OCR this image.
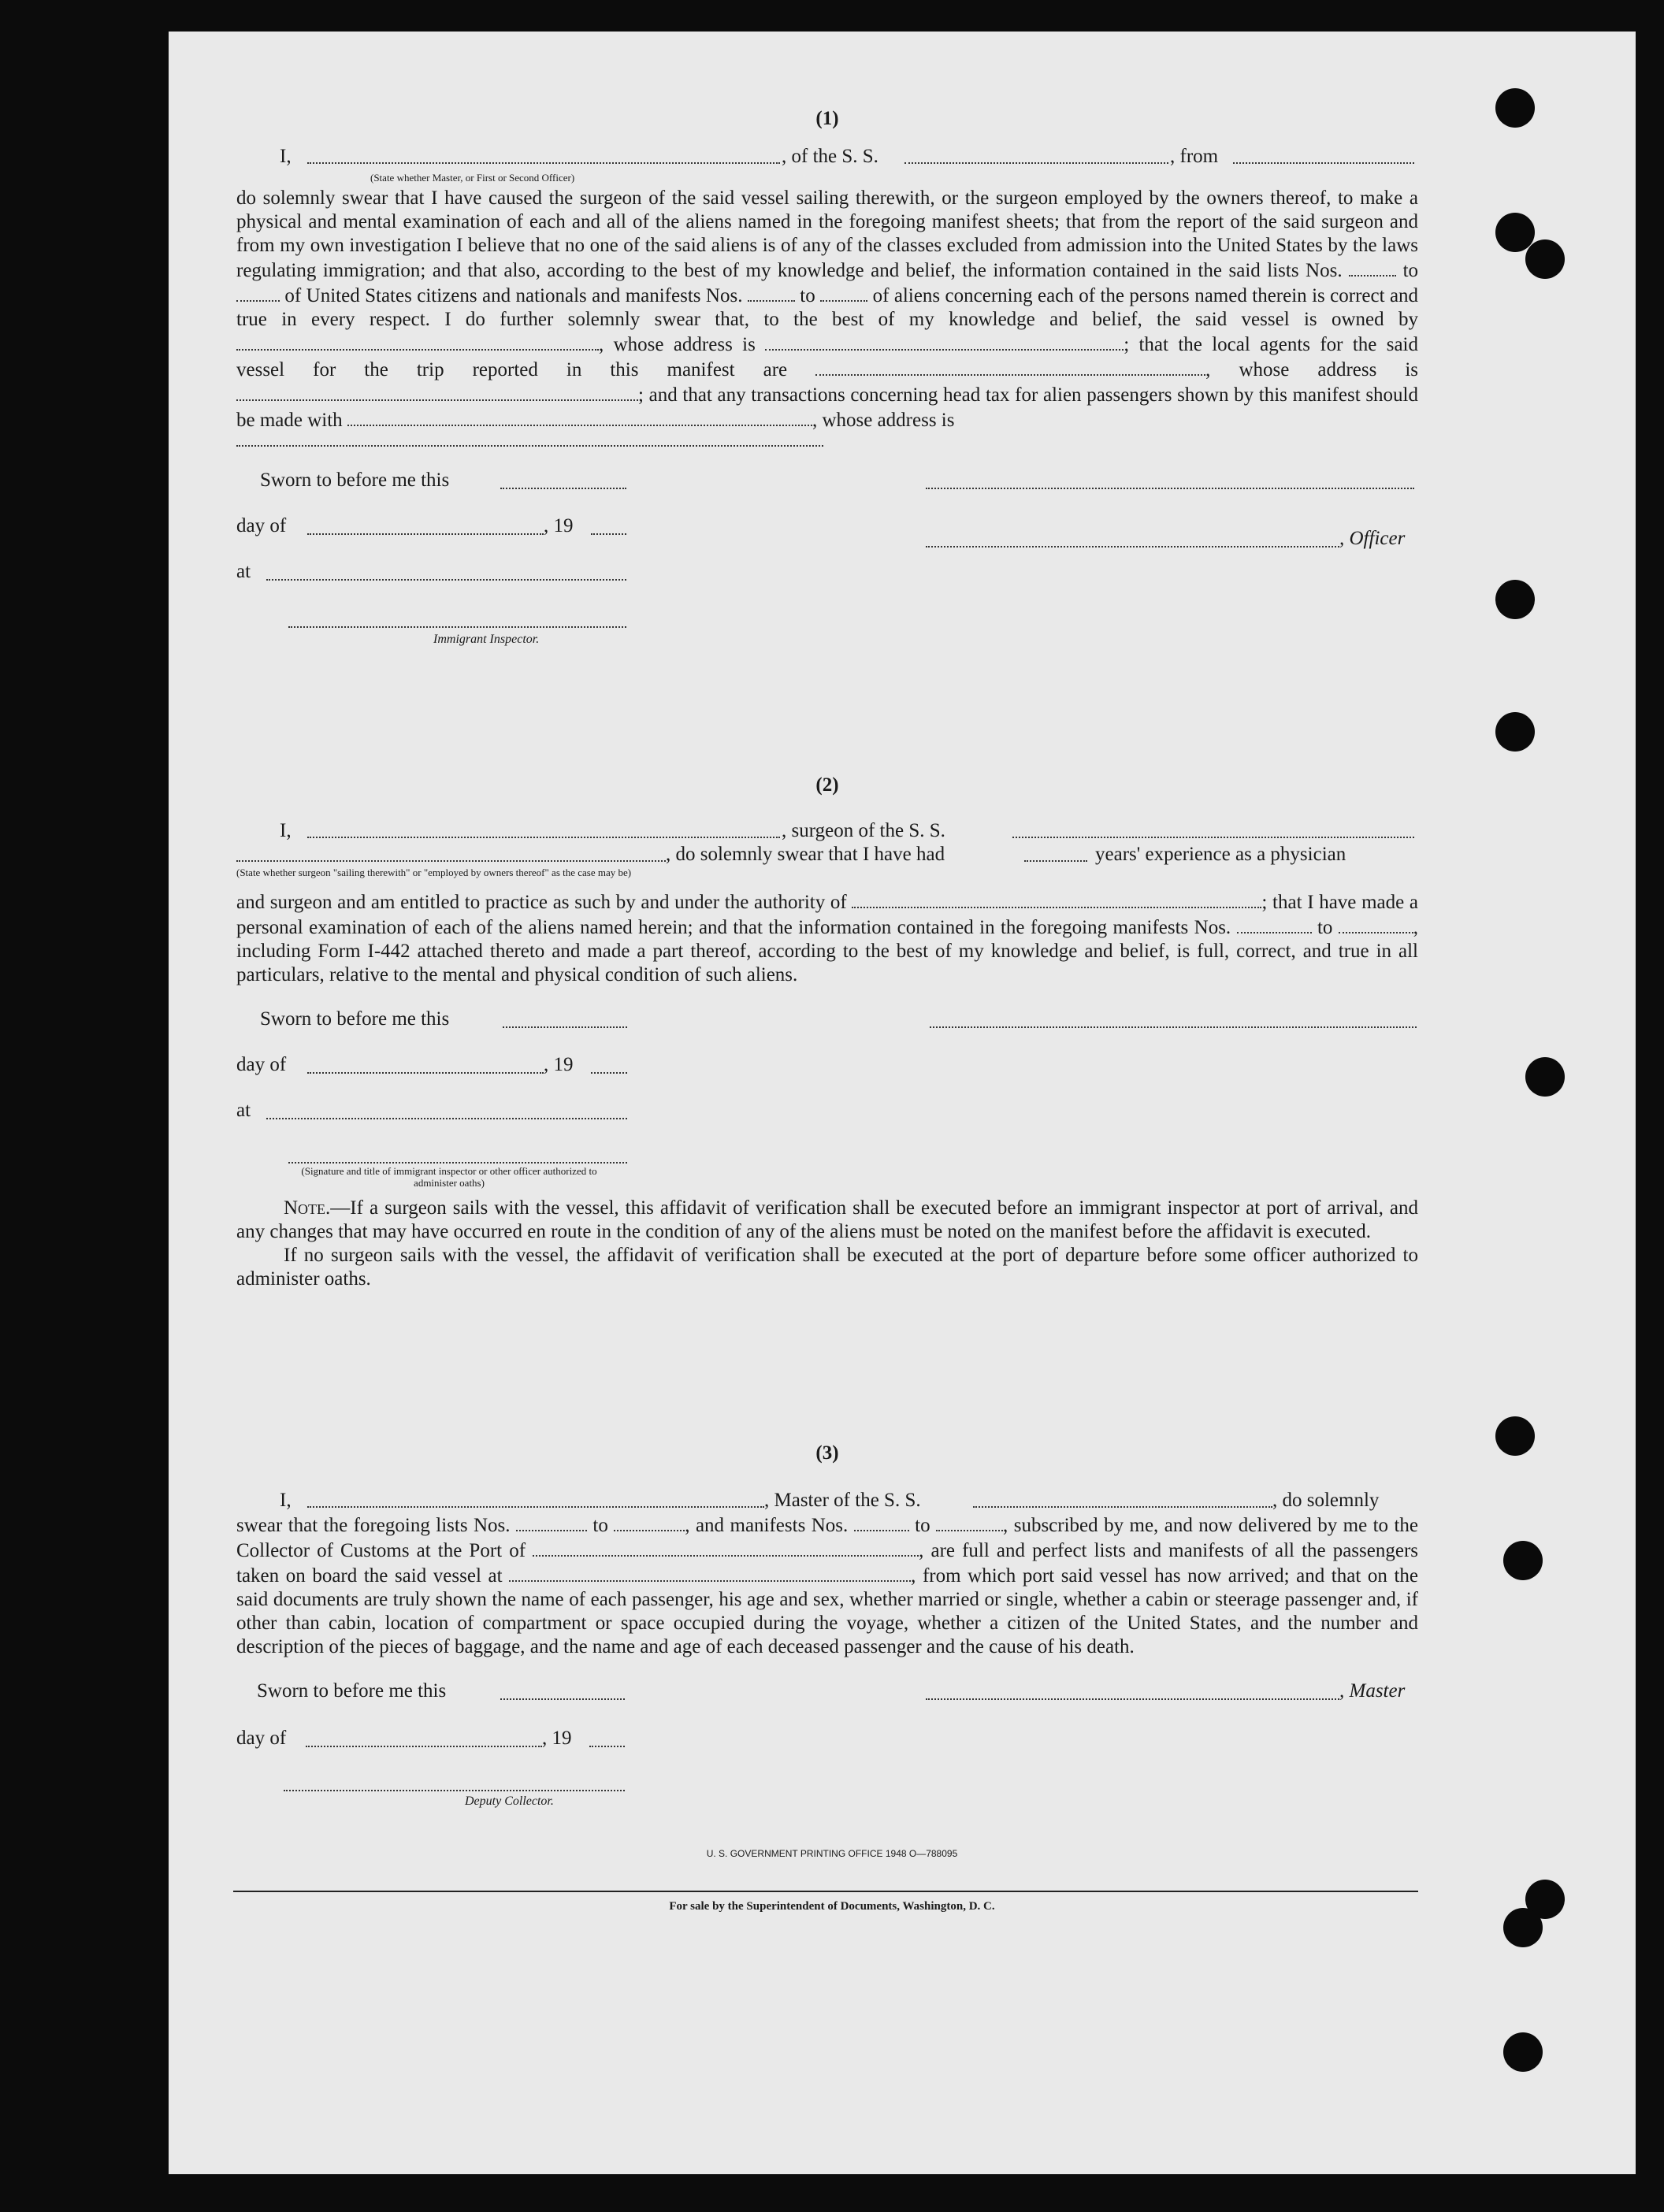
(1)
I,	, of the S. S.	, from
(State whether Master, or First or Second Officer)

do solemnly swear that I have caused the surgeon of the said vessel sailing therewith, or the surgeon employed by the owners thereof, to make a physical and mental examination of each and all of the aliens named in the foregoing manifest sheets; that from the report of the said surgeon and from my own investigation I believe that no one of the said aliens is of any of the classes excluded from admission into the United States by the laws regulating immigration; and that also, according to the best of my knowledge and belief, the information contained in the said lists Nos.	to  of United States citizens and nationals and manifests Nos.	to	of aliens concerning each of the persons named therein is correct and true in every respect. I do further solemnly swear that, to the best of my knowledge and belief, the said vessel is owned by , whose address is	; that the local agents for the said vessel for the trip reported in this manifest are	, whose address is ; and that any transactions concerning head tax for alien passengers shown by this manifest should be made with	, whose address is

Sworn to before me this
day of	, 19
, Officer
at
Immigrant Inspector.
(2)
I,	, surgeon of the S. S.
, do solemnly swear that I have had	years' experience as a physician
(State whether surgeon "sailing therewith" or "employed by owners thereof" as the case may be)

and surgeon and am entitled to practice as such by and under the authority of	; that I have made a personal examination of each of the aliens named herein; and that the information contained in the foregoing manifests Nos.	to	, including Form I-442 attached thereto and made a part thereof, according to the best of my knowledge and belief, is full, correct, and true in all particulars, relative to the mental and physical condition of such aliens.

Sworn to before me this
day of	, 19
at
(Signature and title of immigrant inspector or other officer authorized to administer oaths)

Note.—If a surgeon sails with the vessel, this affidavit of verification shall be executed before an immigrant inspector at port of arrival, and any changes that may have occurred en route in the condition of any of the aliens must be noted on the manifest before the affidavit is executed.

If no surgeon sails with the vessel, the affidavit of verification shall be executed at the port of departure before some officer authorized to administer oaths.

(3)
I,	, Master of the S. S.	, do solemnly

swear that the foregoing lists Nos.	to	, and manifests Nos.	to	, subscribed by me, and now delivered by me to the Collector of Customs at the Port of	, are full and perfect lists and manifests of all the passengers taken on board the said vessel at	, from which port said vessel has now arrived; and that on the said documents are truly shown the name of each passenger, his age and sex, whether married or single, whether a cabin or steerage passenger and, if other than cabin, location of compartment or space occupied during the voyage, whether a citizen of the United States, and the number and description of the pieces of baggage, and the name and age of each deceased passenger and the cause of his death.

Sworn to before me this	, Master
day of	, 19
Deputy Collector.
U. S. GOVERNMENT PRINTING OFFICE 1948 O—788095
For sale by the Superintendent of Documents, Washington, D. C.
